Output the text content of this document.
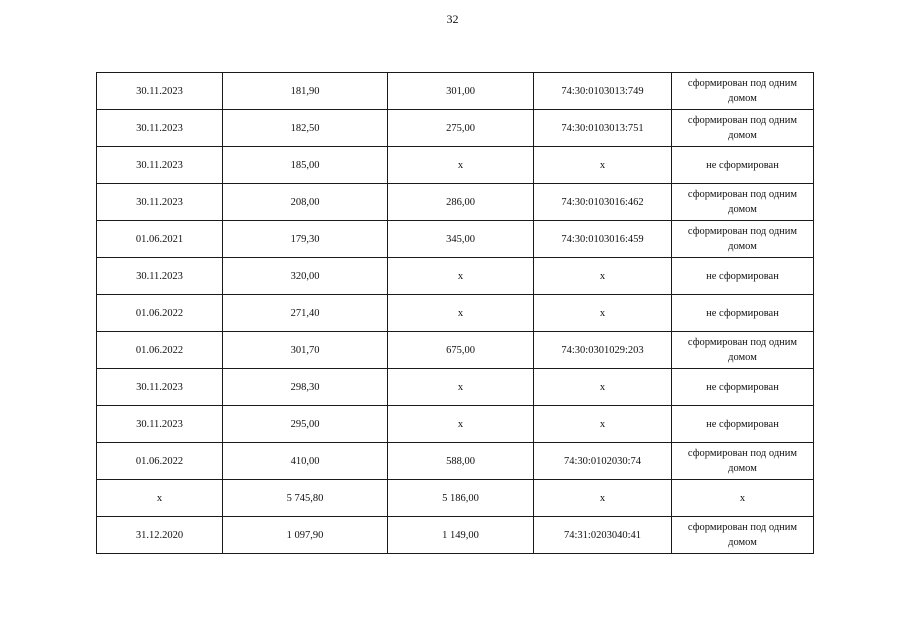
32
30.11.2023	181,90	301,00	74:30:0103013:749	сформирован под одним домом
30.11.2023	182,50	275,00	74:30:0103013:751	сформирован под одним домом
30.11.2023	185,00	х	х	не сформирован
30.11.2023	208,00	286,00	74:30:0103016:462	сформирован под одним домом
01.06.2021	179,30	345,00	74:30:0103016:459	сформирован под одним домом
30.11.2023	320,00	х	х	не сформирован
01.06.2022	271,40	х	х	не сформирован
01.06.2022	301,70	675,00	74:30:0301029:203	сформирован под одним домом
30.11.2023	298,30	х	х	не сформирован
30.11.2023	295,00	х	х	не сформирован
01.06.2022	410,00	588,00	74:30:0102030:74	сформирован под одним домом
х	5 745,80	5 186,00	х	х
31.12.2020	1 097,90	1 149,00	74:31:0203040:41	сформирован под одним домом
